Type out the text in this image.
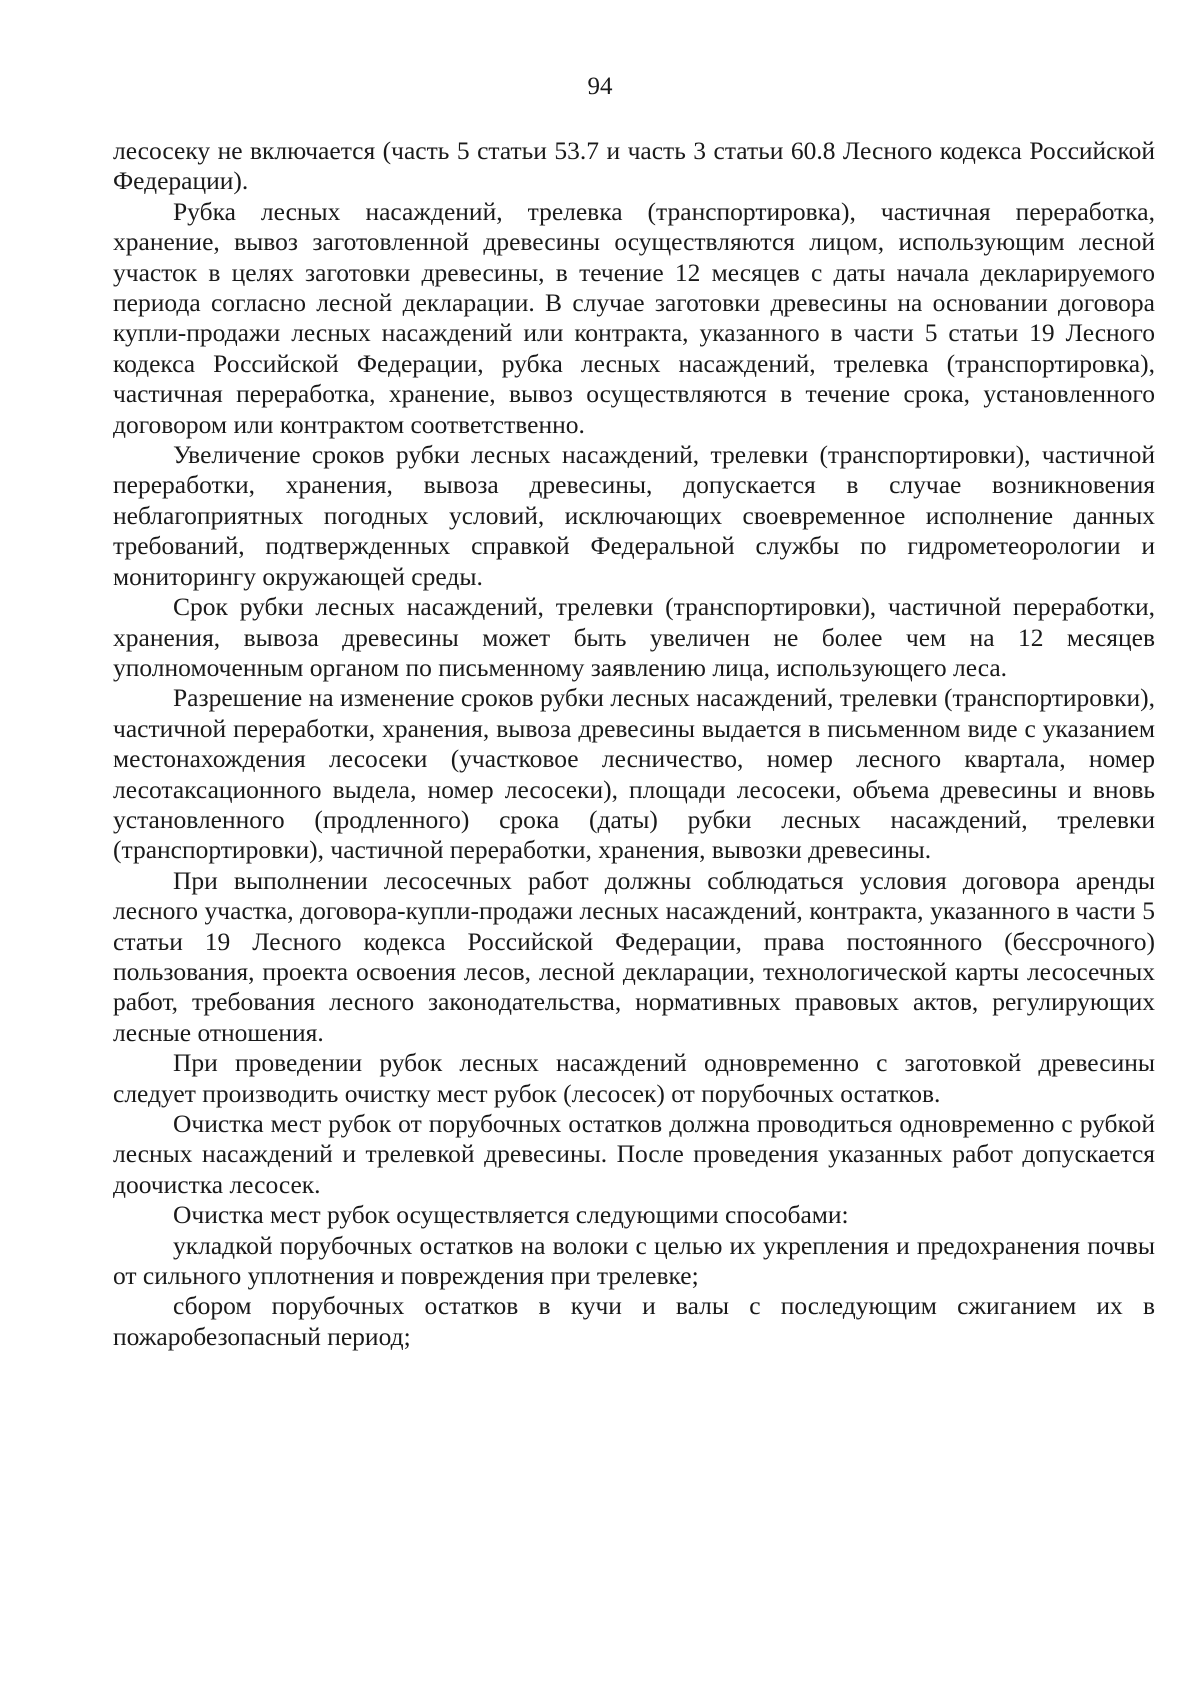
94

лесосеку не включается (часть 5 статьи 53.7 и часть 3 статьи 60.8 Лесного кодекса Российской Федерации).

Рубка лесных насаждений, трелевка (транспортировка), частичная переработка, хранение, вывоз заготовленной древесины осуществляются лицом, использующим лесной участок в целях заготовки древесины, в течение 12 месяцев с даты начала декларируемого периода согласно лесной декларации. В случае заготовки древесины на основании договора купли-продажи лесных насаждений или контракта, указанного в части 5 статьи 19 Лесного кодекса Российской Федерации, рубка лесных насаждений, трелевка (транспортировка), частичная переработка, хранение, вывоз осуществляются в течение срока, установленного договором или контрактом соответственно.

Увеличение сроков рубки лесных насаждений, трелевки (транспортировки), частичной переработки, хранения, вывоза древесины, допускается в случае возникновения неблагоприятных погодных условий, исключающих своевременное исполнение данных требований, подтвержденных справкой Федеральной службы по гидрометеорологии и мониторингу окружающей среды.

Срок рубки лесных насаждений, трелевки (транспортировки), частичной переработки, хранения, вывоза древесины может быть увеличен не более чем на 12 месяцев уполномоченным органом по письменному заявлению лица, использующего леса.

Разрешение на изменение сроков рубки лесных насаждений, трелевки (транспортировки), частичной переработки, хранения, вывоза древесины выдается в письменном виде с указанием местонахождения лесосеки (участковое лесничество, номер лесного квартала, номер лесотаксационного выдела, номер лесосеки), площади лесосеки, объема древесины и вновь установленного (продленного) срока (даты) рубки лесных насаждений, трелевки (транспортировки), частичной переработки, хранения, вывозки древесины.

При выполнении лесосечных работ должны соблюдаться условия договора аренды лесного участка, договора-купли-продажи лесных насаждений, контракта, указанного в части 5 статьи 19 Лесного кодекса Российской Федерации, права постоянного (бессрочного) пользования, проекта освоения лесов, лесной декларации, технологической карты лесосечных работ, требования лесного законодательства, нормативных правовых актов, регулирующих лесные отношения.

При проведении рубок лесных насаждений одновременно с заготовкой древесины следует производить очистку мест рубок (лесосек) от порубочных остатков.

Очистка мест рубок от порубочных остатков должна проводиться одновременно с рубкой лесных насаждений и трелевкой древесины. После проведения указанных работ допускается доочистка лесосек.

Очистка мест рубок осуществляется следующими способами:

укладкой порубочных остатков на волоки с целью их укрепления и предохранения почвы от сильного уплотнения и повреждения при трелевке;

сбором порубочных остатков в кучи и валы с последующим сжиганием их в пожаробезопасный период;
